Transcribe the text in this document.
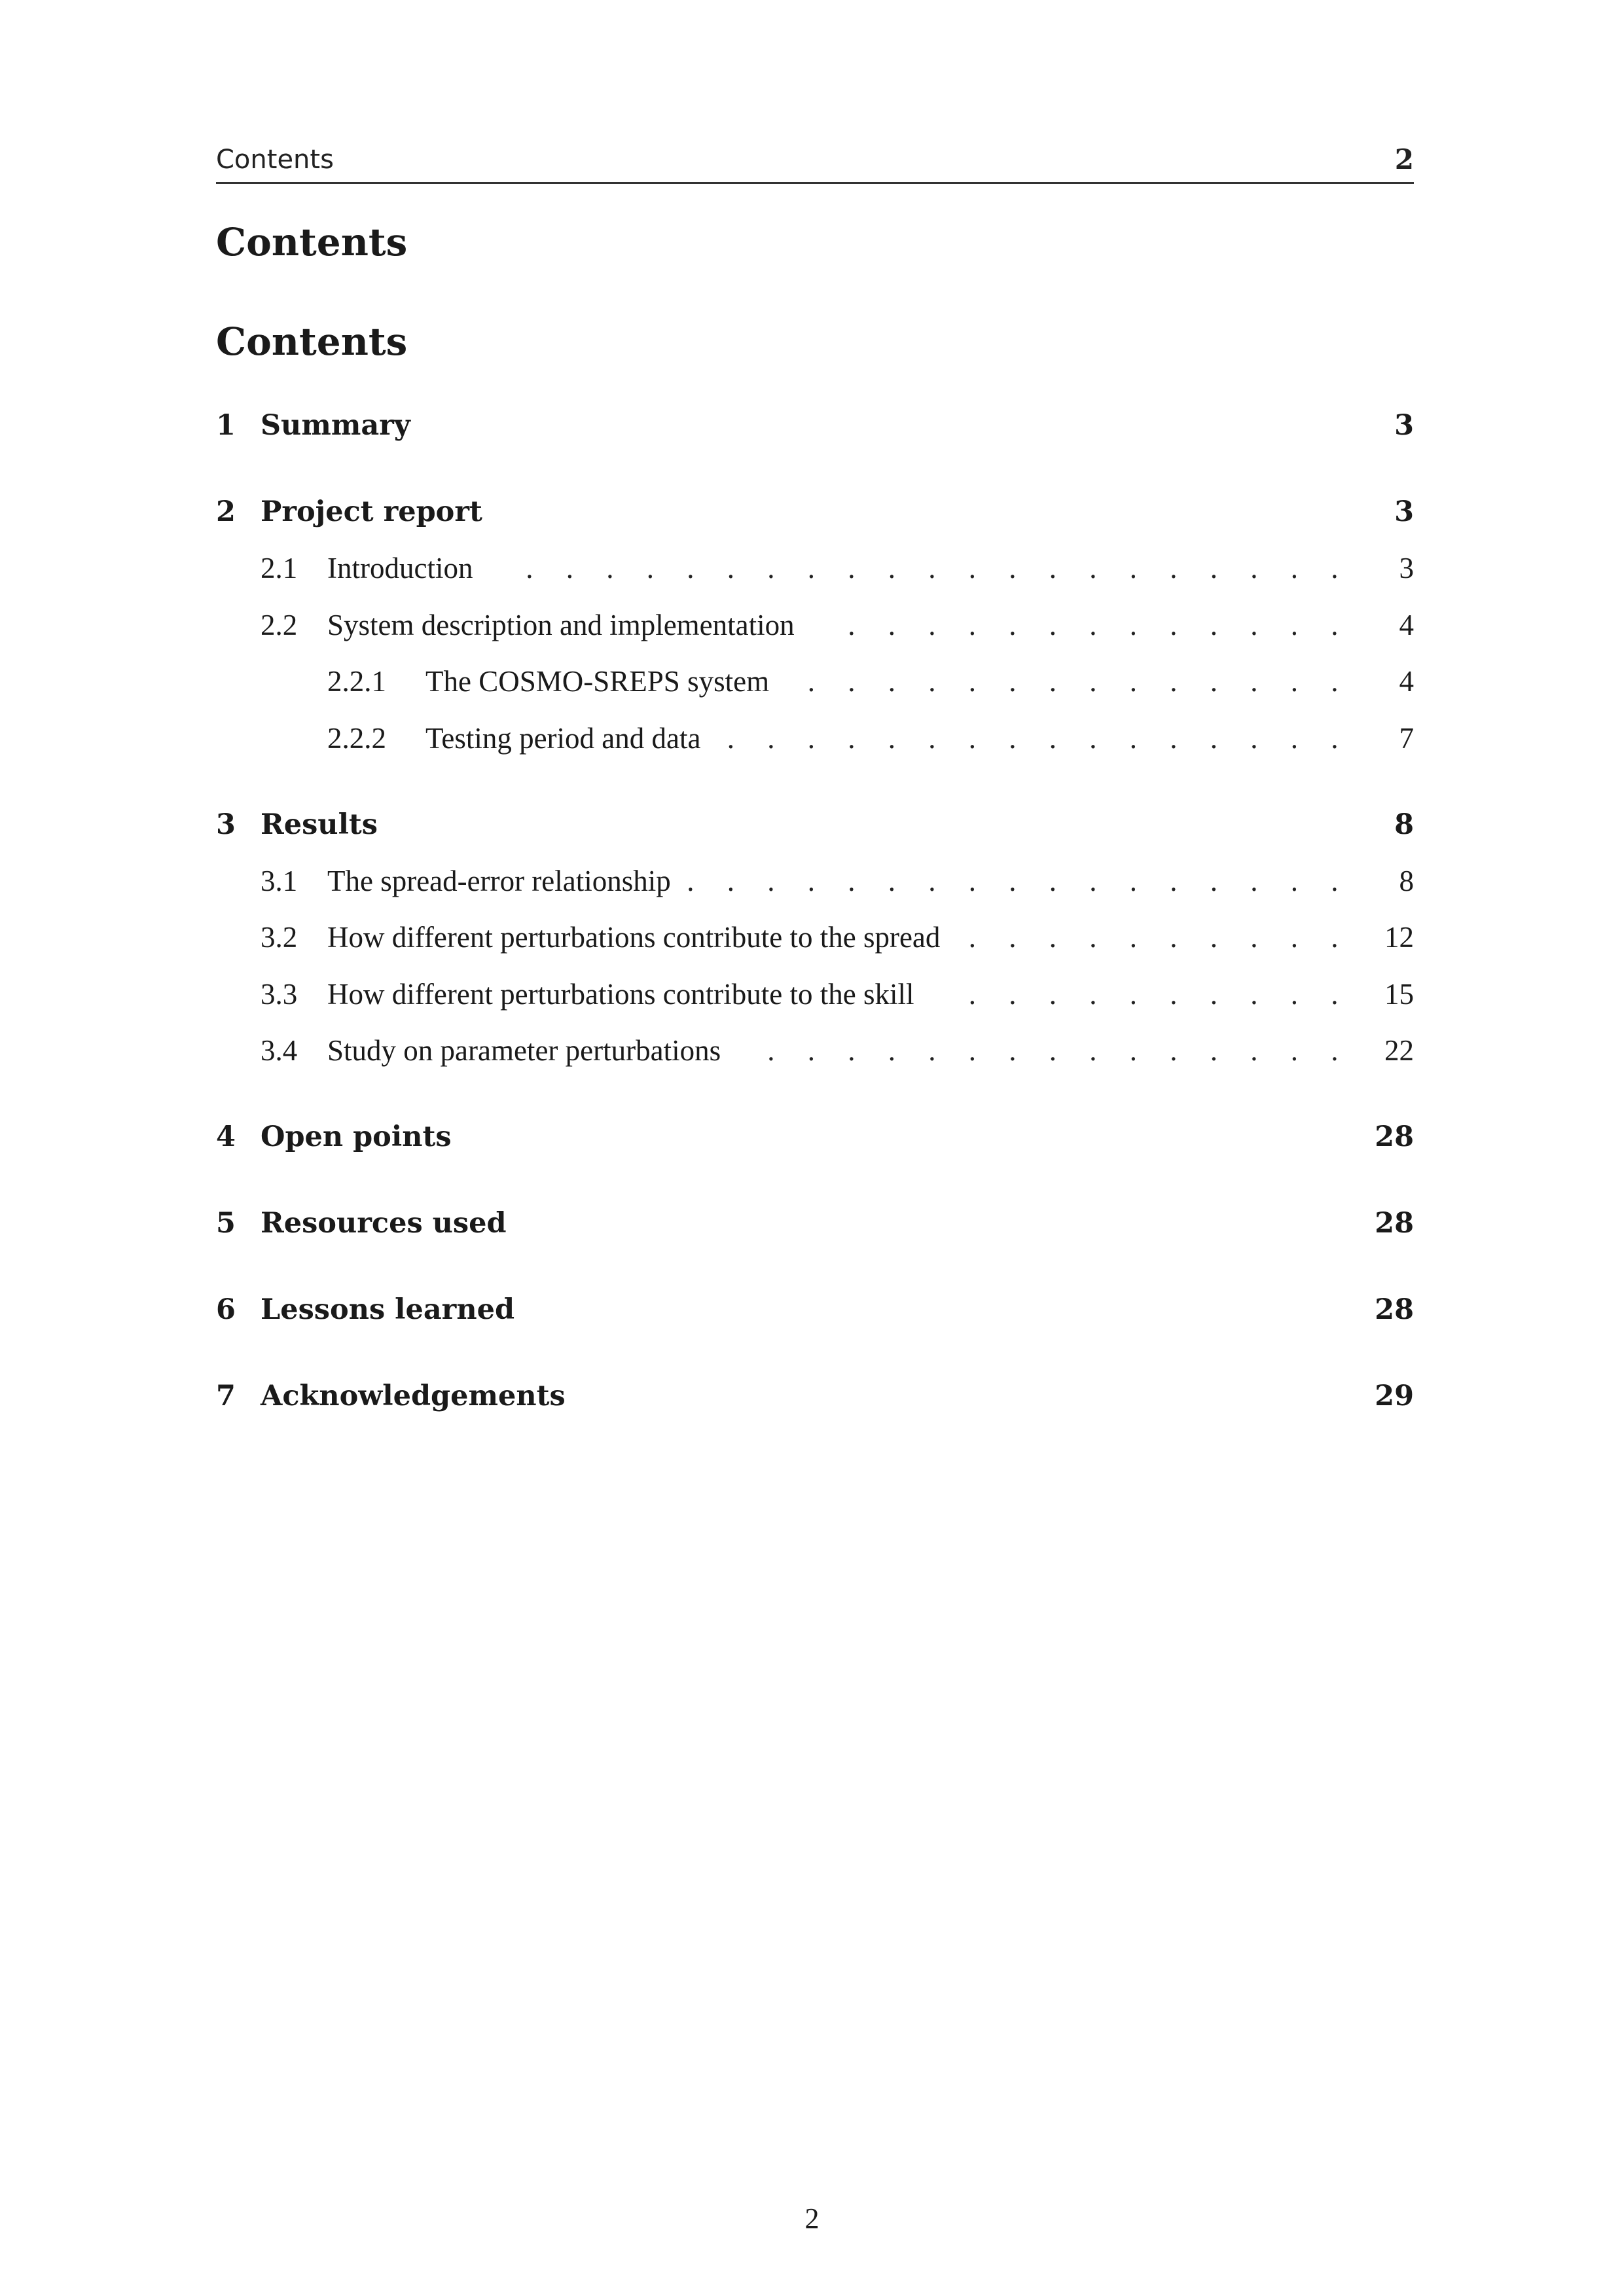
Contents	2
Contents
Contents
1 Summary	3
2 Project report	3
2.1 Introduction	. . . . . . . . . . . . . . . . . . . . . 3
2.2 System description and implementation	. . . . . . . . . . . . . 4
2.2.1 The COSMO-SREPS system	. . . . . . . . . . . . . . 4
2.2.2 Testing period and data . . . . . . . . . . . . . . . . 7
3 Results	8
3.1 The spread-error relationship . . . . . . . . . . . . . . . . . 8
3.2 How different perturbations contribute to the spread . . . . . . . . . . 12
3.3 How different perturbations contribute to the skill	. . . . . . . . . . 15
3.4 Study on parameter perturbations	. . . . . . . . . . . . . . . 22
4 Open points	28
5 Resources used	28
6 Lessons learned	28
7 Acknowledgements	29
2
